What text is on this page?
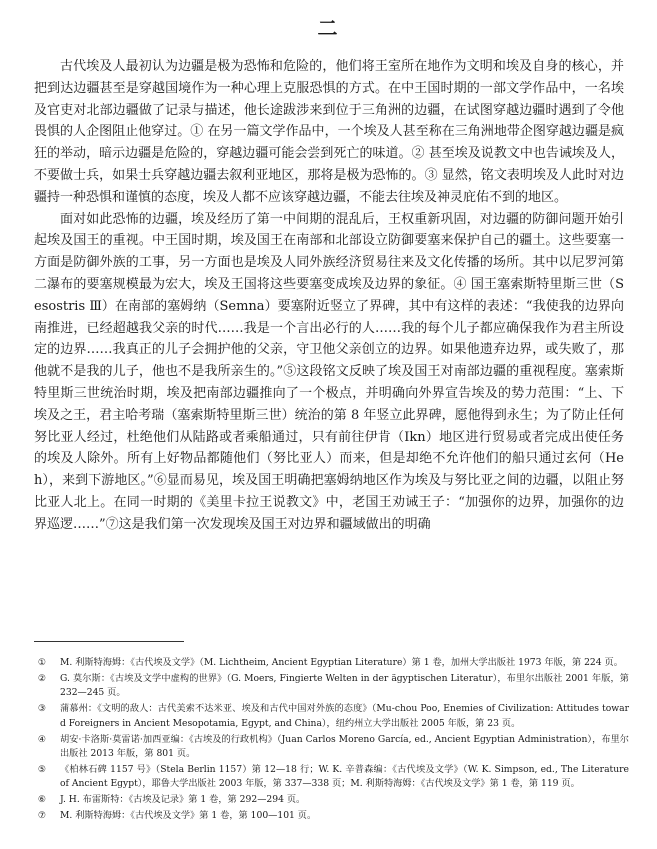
二

古代埃及人最初认为边疆是极为恐怖和危险的，他们将王室所在地作为文明和埃及自身的核心，并把到达边疆甚至是穿越国境作为一种心理上克服恐惧的方式。在中王国时期的一部文学作品中，一名埃及官吏对北部边疆做了记录与描述，他长途跋涉来到位于三角洲的边疆，在试图穿越边疆时遇到了令他畏惧的人企图阻止他穿过。① 在另一篇文学作品中，一个埃及人甚至称在三角洲地带企图穿越边疆是疯狂的举动，暗示边疆是危险的，穿越边疆可能会尝到死亡的味道。② 甚至埃及说教文中也告诫埃及人，不要做士兵，如果士兵穿越边疆去叙利亚地区，那将是极为恐怖的。③ 显然，铭文表明埃及人此时对边疆持一种恐惧和谨慎的态度，埃及人都不应该穿越边疆，不能去往埃及神灵庇佑不到的地区。

面对如此恐怖的边疆，埃及经历了第一中间期的混乱后，王权重新巩固，对边疆的防御问题开始引起埃及国王的重视。中王国时期，埃及国王在南部和北部设立防御要塞来保护自己的疆土。这些要塞一方面是防御外族的工事，另一方面也是埃及人同外族经济贸易往来及文化传播的场所。其中以尼罗河第二瀑布的要塞规模最为宏大，埃及王国将这些要塞变成埃及边界的象征。④ 国王塞索斯特里斯三世（Sesostris Ⅲ）在南部的塞姆纳（Semna）要塞附近竖立了界碑，其中有这样的表述：“我使我的边界向南推进，已经超越我父亲的时代……我是一个言出必行的人……我的每个儿子都应确保我作为君主所设定的边界……我真正的儿子会拥护他的父亲，守卫他父亲创立的边界。如果他遗弃边界，或失败了，那他就不是我的儿子，他也不是我所亲生的。”⑤这段铭文反映了埃及国王对南部边疆的重视程度。塞索斯特里斯三世统治时期，埃及把南部边疆推向了一个极点，并明确向外界宣告埃及的势力范围：“上、下埃及之王，君主哈考瑞（塞索斯特里斯三世）统治的第 8 年竖立此界碑，愿他得到永生；为了防止任何努比亚人经过，杜绝他们从陆路或者乘船通过，只有前往伊肯（Ikn）地区进行贸易或者完成出使任务的埃及人除外。所有上好物品都随他们（努比亚人）而来，但是却绝不允许他们的船只通过玄何（Heh），来到下游地区。”⑥显而易见，埃及国王明确把塞姆纳地区作为埃及与努比亚之间的边疆，以阻止努比亚人北上。在同一时期的《美里卡拉王说教文》中，老国王劝诫王子：“加强你的边界，加强你的边界巡逻……”⑦这是我们第一次发现埃及国王对边界和疆域做出的明确

①	M. 利斯特海姆：《古代埃及文学》（M. Lichtheim, Ancient Egyptian Literature）第 1 卷，加州大学出版社 1973 年版，第 224 页。
②	G. 莫尔斯：《古埃及文学中虚构的世界》（G. Moers, Fingierte Welten in der ägyptischen Literatur），布里尔出版社 2001 年版，第 232—245 页。
③	蒲慕州：《文明的敌人：古代美索不达米亚、埃及和古代中国对外族的态度》（Mu-chou Poo, Enemies of Civilization: Attitudes toward Foreigners in Ancient Mesopotamia, Egypt, and China），纽约州立大学出版社 2005 年版，第 23 页。
④	胡安·卡洛斯·莫雷诺·加西亚编：《古埃及的行政机构》（Juan Carlos Moreno García, ed., Ancient Egyptian Administration），布里尔出版社 2013 年版，第 801 页。
⑤	《柏林石碑 1157 号》（Stela Berlin 1157）第 12—18 行；W. K. 辛普森编：《古代埃及文学》（W. K. Simpson, ed., The Literature of Ancient Egypt），耶鲁大学出版社 2003 年版，第 337—338 页；M. 利斯特海姆：《古代埃及文学》第 1 卷，第 119 页。
⑥	J. H. 布雷斯特：《古埃及记录》第 1 卷，第 292—294 页。
⑦	M. 利斯特海姆：《古代埃及文学》第 1 卷，第 100—101 页。
